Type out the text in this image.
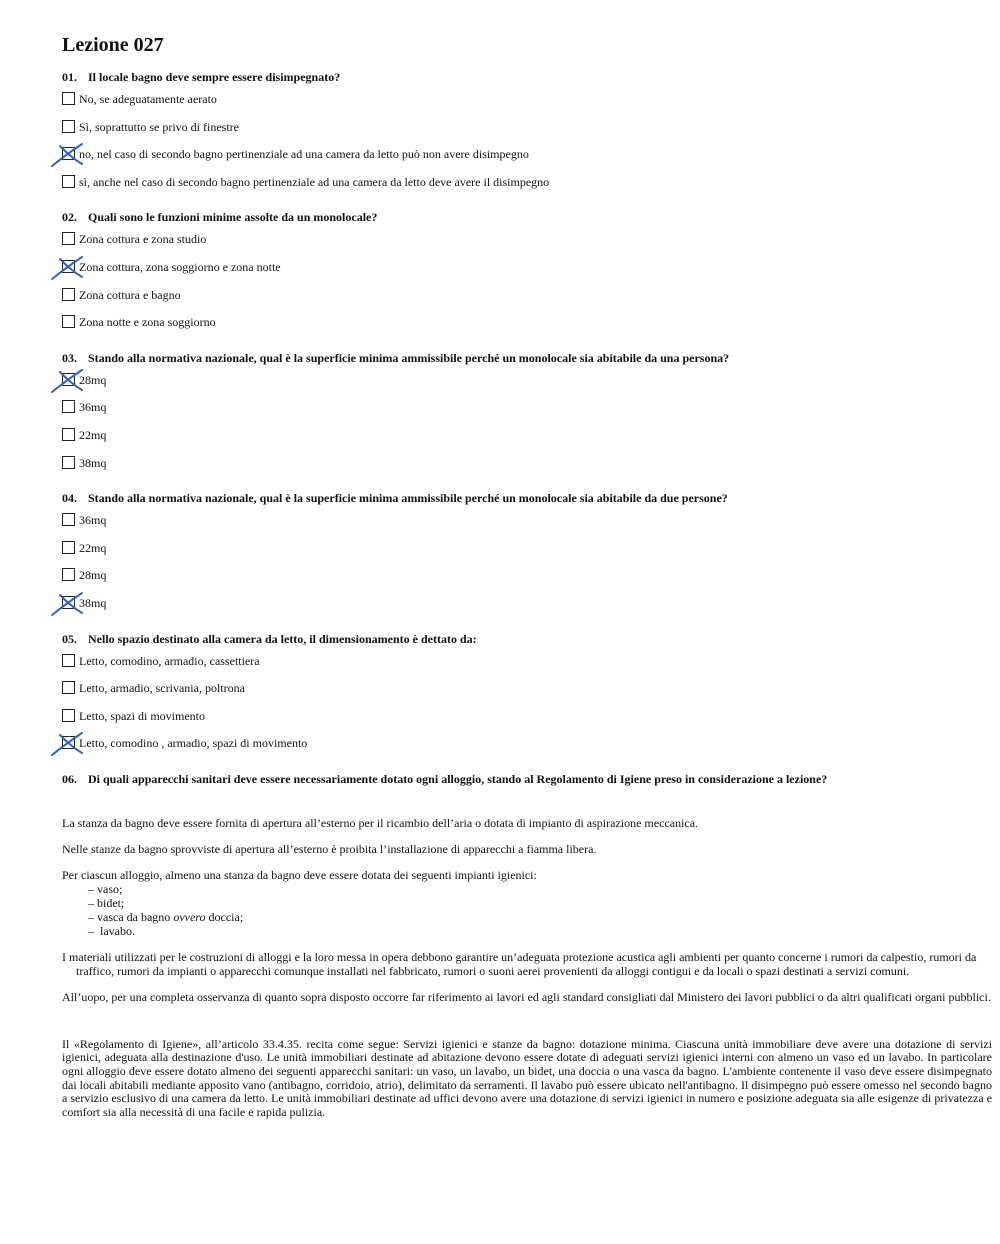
Lezione 027
01. Il locale bagno deve sempre essere disimpegnato?
No, se adeguatamente aerato
Sì, soprattutto se privo di finestre
no, nel caso di secondo bagno pertinenziale ad una camera da letto può non avere disimpegno
sì, anche nel caso di secondo bagno pertinenziale ad una camera da letto deve avere il disimpegno
02. Quali sono le funzioni minime assolte da un monolocale?
Zona cottura e zona studio
Zona cottura, zona soggiorno e zona notte
Zona cottura e bagno
Zona notte e zona soggiorno
03. Stando alla normativa nazionale, qual è la superficie minima ammissibile perché un monolocale sia abitabile da una persona?
28mq
36mq
22mq
38mq
04. Stando alla normativa nazionale, qual è la superficie minima ammissibile perché un monolocale sia abitabile da due persone?
36mq
22mq
28mq
38mq
05. Nello spazio destinato alla camera da letto, il dimensionamento è dettato da:
Letto, comodino, armadio, cassettiera
Letto, armadio, scrivania, poltrona
Letto, spazi di movimento
Letto, comodino , armadio, spazi di movimento
06. Di quali apparecchi sanitari deve essere necessariamente dotato ogni alloggio, stando al Regolamento di Igiene preso in considerazione a lezione?

La stanza da bagno deve essere fornita di apertura all’esterno per il ricambio dell’aria o dotata di impianto di aspirazione meccanica.

Nelle stanze da bagno sprovviste di apertura all’esterno è proibita l’installazione di apparecchi a fiamma libera.

Per ciascun alloggio, almeno una stanza da bagno deve essere dotata dei seguenti impianti igienici:

– vaso;
– bidet;
– vasca da bagno ovvero doccia;
– lavabo.

I materiali utilizzati per le costruzioni di alloggi e la loro messa in opera debbono garantire un’adeguata protezione acustica agli ambienti per quanto concerne i rumori da calpestio, rumori da traffico, rumori da impianti o apparecchi comunque installati nel fabbricato, rumori o suoni aerei provenienti da alloggi contigui e da locali o spazi destinati a servizi comuni.

All’uopo, per una completa osservanza di quanto sopra disposto occorre far riferimento ai lavori ed agli standard consigliati dal Ministero dei lavori pubblici o da altri qualificati organi pubblici.

Il «Regolamento di Igiene», all’articolo 33.4.35. recita come segue: Servizi igienici e stanze da bagno: dotazione minima. Ciascuna unità immobiliare deve avere una dotazione di servizi igienici, adeguata alla destinazione d'uso. Le unità immobiliari destinate ad abitazione devono essere dotate di adeguati servizi igienici interni con almeno un vaso ed un lavabo. In particolare ogni alloggio deve essere dotato almeno dei seguenti apparecchi sanitari: un vaso, un lavabo, un bidet, una doccia o una vasca da bagno. L'ambiente contenente il vaso deve essere disimpegnato dai locali abitabili mediante apposito vano (antibagno, corridoio, atrio), delimitato da serramenti. Il lavabo può essere ubicato nell'antibagno. Il disimpegno può essere omesso nel secondo bagno a servizio esclusivo di una camera da letto. Le unità immobiliari destinate ad uffici devono avere una dotazione di servizi igienici in numero e posizione adeguata sia alle esigenze di privatezza e comfort sia alla necessità di una facile e rapida pulizia.
